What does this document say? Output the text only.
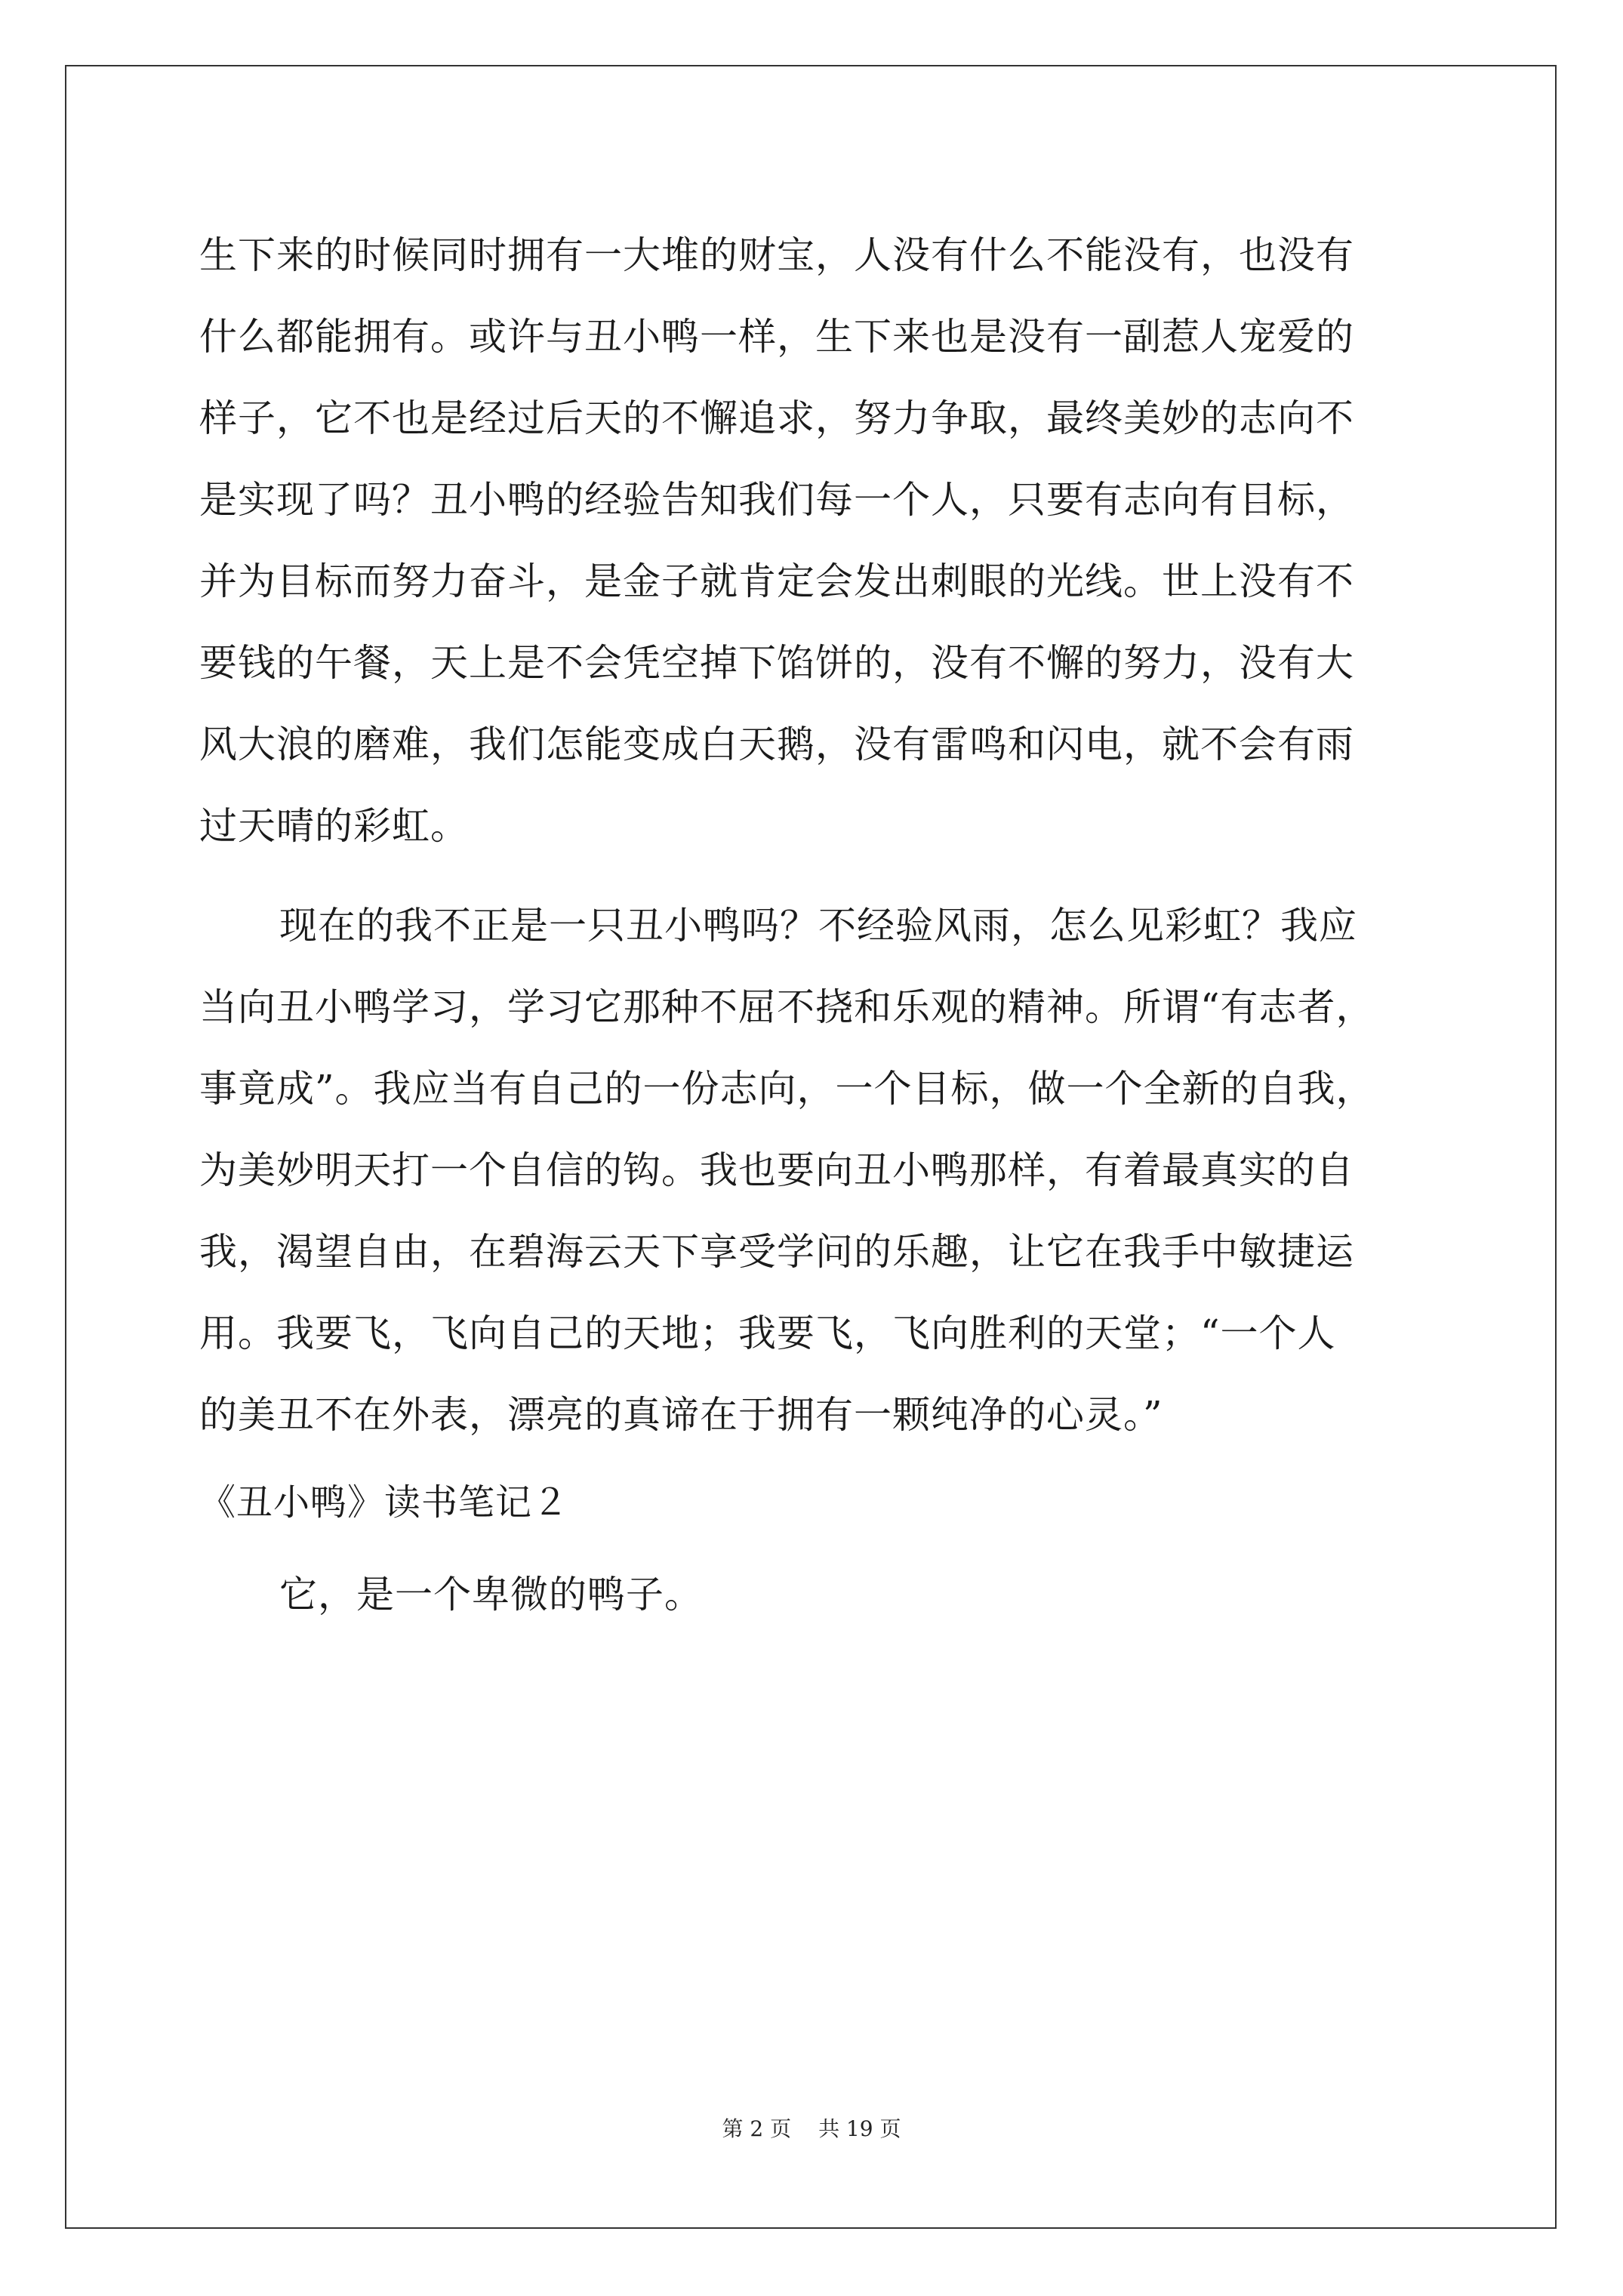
生下来的时候同时拥有一大堆的财宝，人没有什么不能没有，也没有
什么都能拥有。或许与丑小鸭一样，生下来也是没有一副惹人宠爱的
样子，它不也是经过后天的不懈追求，努力争取，最终美妙的志向不
是实现了吗？丑小鸭的经验告知我们每一个人，只要有志向有目标，
并为目标而努力奋斗，是金子就肯定会发出刺眼的光线。世上没有不
要钱的午餐，天上是不会凭空掉下馅饼的，没有不懈的努力，没有大
风大浪的磨难，我们怎能变成白天鹅，没有雷鸣和闪电，就不会有雨
过天晴的彩虹。
现在的我不正是一只丑小鸭吗？不经验风雨，怎么见彩虹？我应
当向丑小鸭学习，学习它那种不屈不挠和乐观的精神。所谓“有志者，
事竟成”。我应当有自己的一份志向，一个目标，做一个全新的自我，
为美妙明天打一个自信的钩。我也要向丑小鸭那样，有着最真实的自
我，渴望自由，在碧海云天下享受学问的乐趣，让它在我手中敏捷运
用。我要飞，飞向自己的天地；我要飞，飞向胜利的天堂；“一个人
的美丑不在外表，漂亮的真谛在于拥有一颗纯净的心灵。”
《丑小鸭》读书笔记２
它，是一个卑微的鸭子。
第 2 页 共 19 页
